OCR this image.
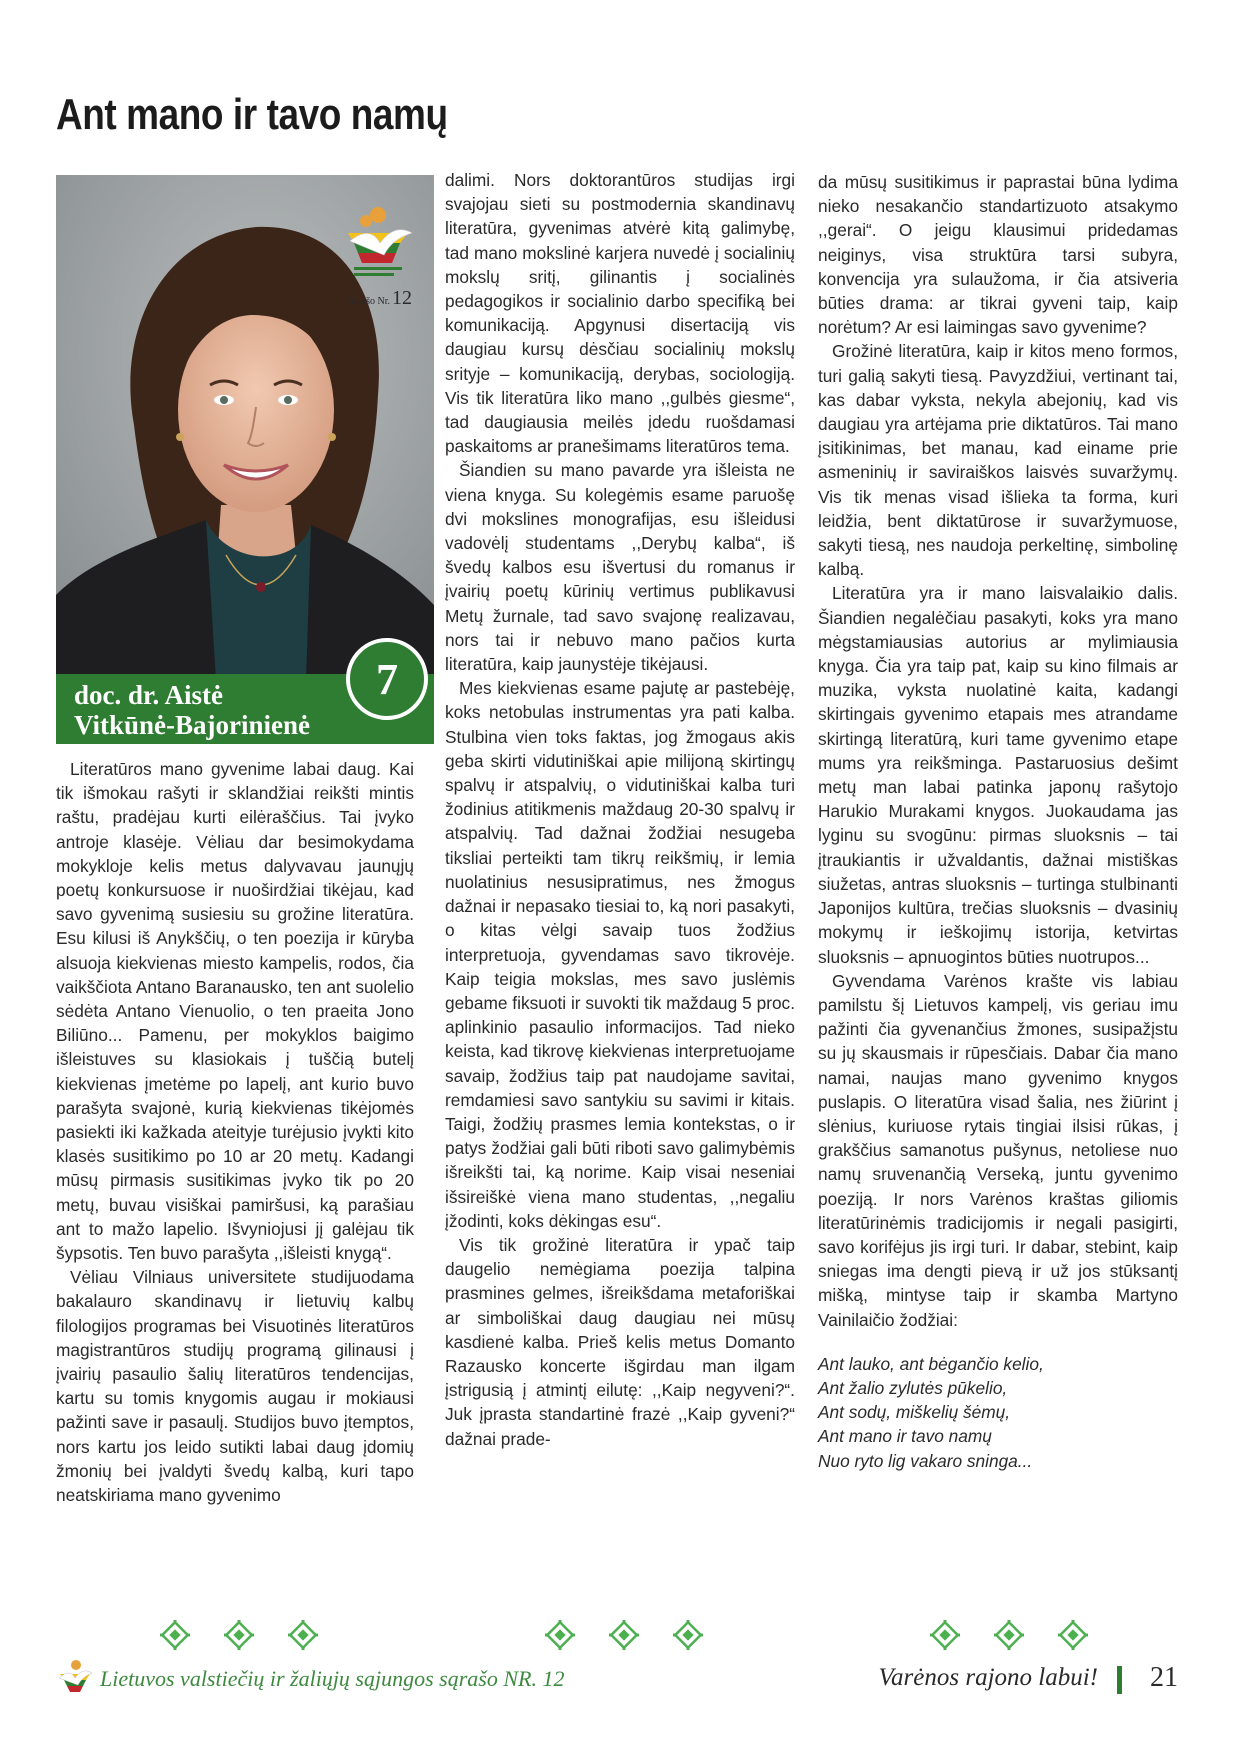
Ant mano ir tavo namų
Sąrašo Nr. 12
doc. dr. Aistė
Vitkūnė-Bajorinienė
7

Literatūros mano gyvenime labai daug. Kai tik išmokau rašyti ir sklandžiai reikšti mintis raštu, pradėjau kurti eilėraščius. Tai įvyko antroje klasėje. Vėliau dar besimokydama mokykloje kelis metus dalyvavau jaunųjų poetų konkursuose ir nuoširdžiai tikėjau, kad savo gyvenimą susiesiu su grožine literatūra. Esu kilusi iš Anykščių, o ten poezija ir kūryba alsuoja kiekvienas miesto kampelis, rodos, čia vaikščiota Antano Baranausko, ten ant suolelio sėdėta Antano Vienuolio, o ten praeita Jono Biliūno... Pamenu, per mokyklos baigimo išleistuves su klasiokais į tuščią butelį kiekvienas įmetėme po lapelį, ant kurio buvo parašyta svajonė, kurią kiekvienas tikėjomės pasiekti iki kažkada ateityje turėjusio įvykti kito klasės susitikimo po 10 ar 20 metų. Kadangi mūsų pirmasis susitikimas įvyko tik po 20 metų, buvau visiškai pamiršusi, ką parašiau ant to mažo lapelio. Išvyniojusi jį galėjau tik šypsotis. Ten buvo parašyta ,,išleisti knygą“.

Vėliau Vilniaus universitete studijuodama bakalauro skandinavų ir lietuvių kalbų filologijos programas bei Visuotinės literatūros magistrantūros studijų programą gilinausi į įvairių pasaulio šalių literatūros tendencijas, kartu su tomis knygomis augau ir mokiausi pažinti save ir pasaulį. Studijos buvo įtemptos, nors kartu jos leido sutikti labai daug įdomių žmonių bei įvaldyti švedų kalbą, kuri tapo neatskiriama mano gyvenimo

dalimi. Nors doktorantūros studijas irgi svajojau sieti su postmodernia skandinavų literatūra, gyvenimas atvėrė kitą galimybę, tad mano mokslinė karjera nuvedė į socialinių mokslų sritį, gilinantis į socialinės pedagogikos ir socialinio darbo specifiką bei komunikaciją. Apgynusi disertaciją vis daugiau kursų dėsčiau socialinių mokslų srityje – komunikaciją, derybas, sociologiją. Vis tik literatūra liko mano ,,gulbės giesme“, tad daugiausia meilės įdedu ruošdamasi paskaitoms ar pranešimams literatūros tema.

Šiandien su mano pavarde yra išleista ne viena knyga. Su kolegėmis esame paruošę dvi mokslines monografijas, esu išleidusi vadovėlį studentams ,,Derybų kalba“, iš švedų kalbos esu išvertusi du romanus ir įvairių poetų kūrinių vertimus publikavusi Metų žurnale, tad savo svajonę realizavau, nors tai ir nebuvo mano pačios kurta literatūra, kaip jaunystėje tikėjausi.

Mes kiekvienas esame pajutę ar pastebėję, koks netobulas instrumentas yra pati kalba. Stulbina vien toks faktas, jog žmogaus akis geba skirti vidutiniškai apie milijoną skirtingų spalvų ir atspalvių, o vidutiniškai kalba turi žodinius atitikmenis maždaug 20-30 spalvų ir atspalvių. Tad dažnai žodžiai nesugeba tiksliai perteikti tam tikrų reikšmių, ir lemia nuolatinius nesusipratimus, nes žmogus dažnai ir nepasako tiesiai to, ką nori pasakyti, o kitas vėlgi savaip tuos žodžius interpretuoja, gyvendamas savo tikrovėje. Kaip teigia mokslas, mes savo juslėmis gebame fiksuoti ir suvokti tik maždaug 5 proc. aplinkinio pasaulio informacijos. Tad nieko keista, kad tikrovę kiekvienas interpretuojame savaip, žodžius taip pat naudojame savitai, remdamiesi savo santykiu su savimi ir kitais. Taigi, žodžių prasmes lemia kontekstas, o ir patys žodžiai gali būti riboti savo galimybėmis išreikšti tai, ką norime. Kaip visai neseniai išsireiškė viena mano studentas, ,,negaliu įžodinti, koks dėkingas esu“.

Vis tik grožinė literatūra ir ypač taip daugelio nemėgiama poezija talpina prasmines gelmes, išreikšdama metaforiškai ar simboliškai daug daugiau nei mūsų kasdienė kalba. Prieš kelis metus Domanto Razausko koncerte išgirdau man ilgam įstrigusią į atmintį eilutę: ,,Kaip negyveni?“. Juk įprasta standartinė frazė ,,Kaip gyveni?“ dažnai prade-

da mūsų susitikimus ir paprastai būna lydima nieko nesakančio standartizuoto atsakymo ,,gerai“. O jeigu klausimui pridedamas neiginys, visa struktūra tarsi subyra, konvencija yra sulaužoma, ir čia atsiveria būties drama: ar tikrai gyveni taip, kaip norėtum? Ar esi laimingas savo gyvenime?

Grožinė literatūra, kaip ir kitos meno formos, turi galią sakyti tiesą. Pavyzdžiui, vertinant tai, kas dabar vyksta, nekyla abejonių, kad vis daugiau yra artėjama prie diktatūros. Tai mano įsitikinimas, bet manau, kad einame prie asmeninių ir saviraiškos laisvės suvaržymų. Vis tik menas visad išlieka ta forma, kuri leidžia, bent diktatūrose ir suvaržymuose, sakyti tiesą, nes naudoja perkeltinę, simbolinę kalbą.

Literatūra yra ir mano laisvalaikio dalis. Šiandien negalėčiau pasakyti, koks yra mano mėgstamiausias autorius ar mylimiausia knyga. Čia yra taip pat, kaip su kino filmais ar muzika, vyksta nuolatinė kaita, kadangi skirtingais gyvenimo etapais mes atrandame skirtingą literatūrą, kuri tame gyvenimo etape mums yra reikšminga. Pastaruosius dešimt metų man labai patinka japonų rašytojo Harukio Murakami knygos. Juokaudama jas lyginu su svogūnu: pirmas sluoksnis – tai įtraukiantis ir užvaldantis, dažnai mistiškas siužetas, antras sluoksnis – turtinga stulbinanti Japonijos kultūra, trečias sluoksnis – dvasinių mokymų ir ieškojimų istorija, ketvirtas sluoksnis – apnuogintos būties nuotrupos...

Gyvendama Varėnos krašte vis labiau pamilstu šį Lietuvos kampelį, vis geriau imu pažinti čia gyvenančius žmones, susipažįstu su jų skausmais ir rūpesčiais. Dabar čia mano namai, naujas mano gyvenimo knygos puslapis. O literatūra visad šalia, nes žiūrint į slėnius, kuriuose rytais tingiai ilsisi rūkas, į grakščius samanotus pušynus, netoliese nuo namų sruvenančią Verseką, juntu gyvenimo poeziją. Ir nors Varėnos kraštas giliomis literatūrinėmis tradicijomis ir negali pasigirti, savo korifėjus jis irgi turi. Ir dabar, stebint, kaip sniegas ima dengti pievą ir už jos stūksantį mišką, mintyse taip ir skamba Martyno Vainilaičio žodžiai:

Ant lauko, ant bėgančio kelio,

Ant žalio zylutės pūkelio,

Ant sodų, miškelių šėmų,

Ant mano ir tavo namų

Nuo ryto lig vakaro sninga...

Lietuvos valstiečių ir žaliųjų sąjungos sąrašo NR. 12	Varėnos rajono labui! 21
